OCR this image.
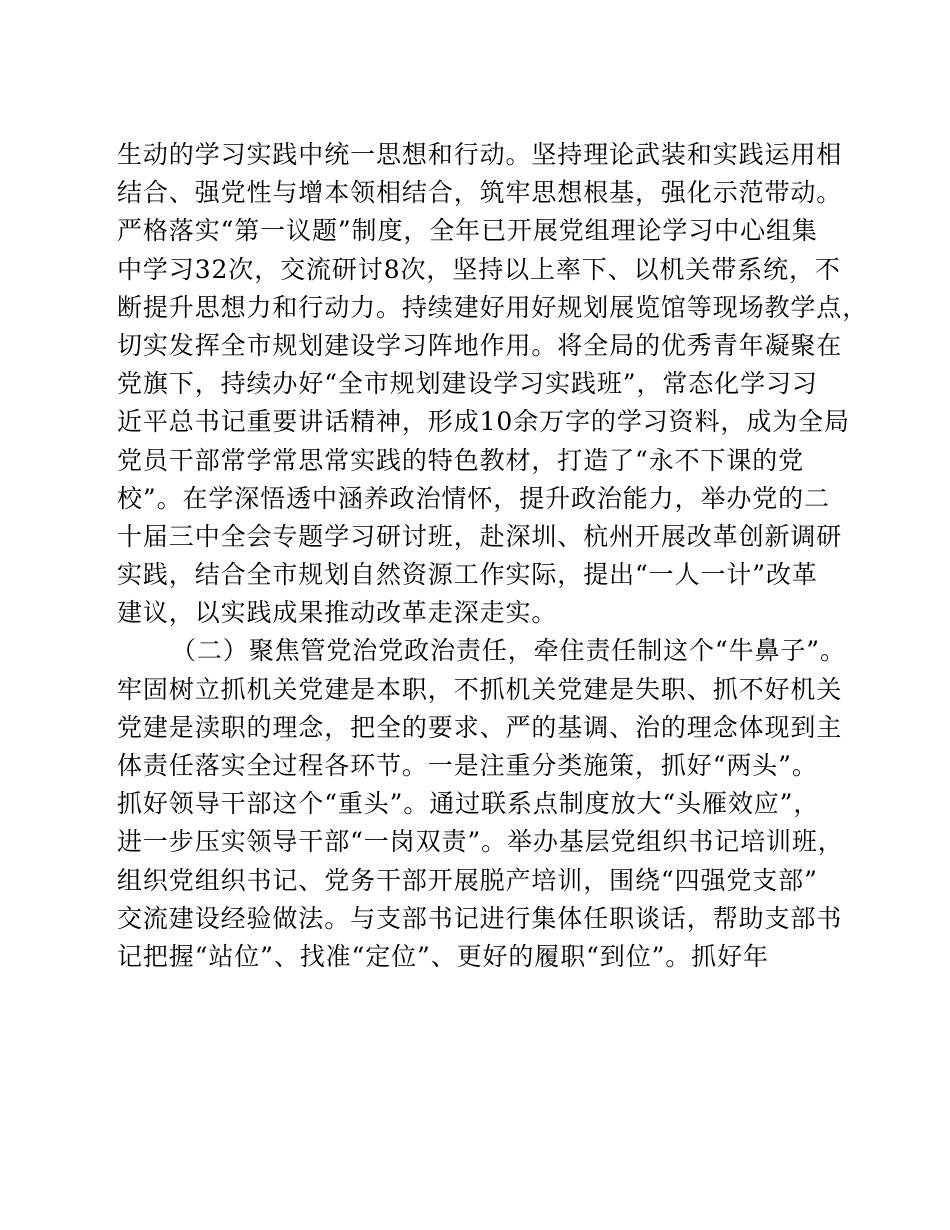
生动的学习实践中统一思想和行动。坚持理论武装和实践运用相
结合、强党性与增本领相结合，筑牢思想根基，强化示范带动。
严格落实“第一议题”制度，全年已开展党组理论学习中心组集
中学习32次，交流研讨8次，坚持以上率下、以机关带系统，不
断提升思想力和行动力。持续建好用好规划展览馆等现场教学点，
切实发挥全市规划建设学习阵地作用。将全局的优秀青年凝聚在
党旗下，持续办好“全市规划建设学习实践班”，常态化学习习
近平总书记重要讲话精神，形成10余万字的学习资料，成为全局
党员干部常学常思常实践的特色教材，打造了“永不下课的党
校”。在学深悟透中涵养政治情怀，提升政治能力，举办党的二
十届三中全会专题学习研讨班，赴深圳、杭州开展改革创新调研
实践，结合全市规划自然资源工作实际，提出“一人一计”改革
建议，以实践成果推动改革走深走实。
（二）聚焦管党治党政治责任，牵住责任制这个“牛鼻子”。
牢固树立抓机关党建是本职，不抓机关党建是失职、抓不好机关
党建是渎职的理念，把全的要求、严的基调、治的理念体现到主
体责任落实全过程各环节。一是注重分类施策，抓好“两头”。
抓好领导干部这个“重头”。通过联系点制度放大“头雁效应”，
进一步压实领导干部“一岗双责”。举办基层党组织书记培训班，
组织党组织书记、党务干部开展脱产培训，围绕“四强党支部”
交流建设经验做法。与支部书记进行集体任职谈话，帮助支部书
记把握“站位”、找准“定位”、更好的履职“到位”。抓好年
